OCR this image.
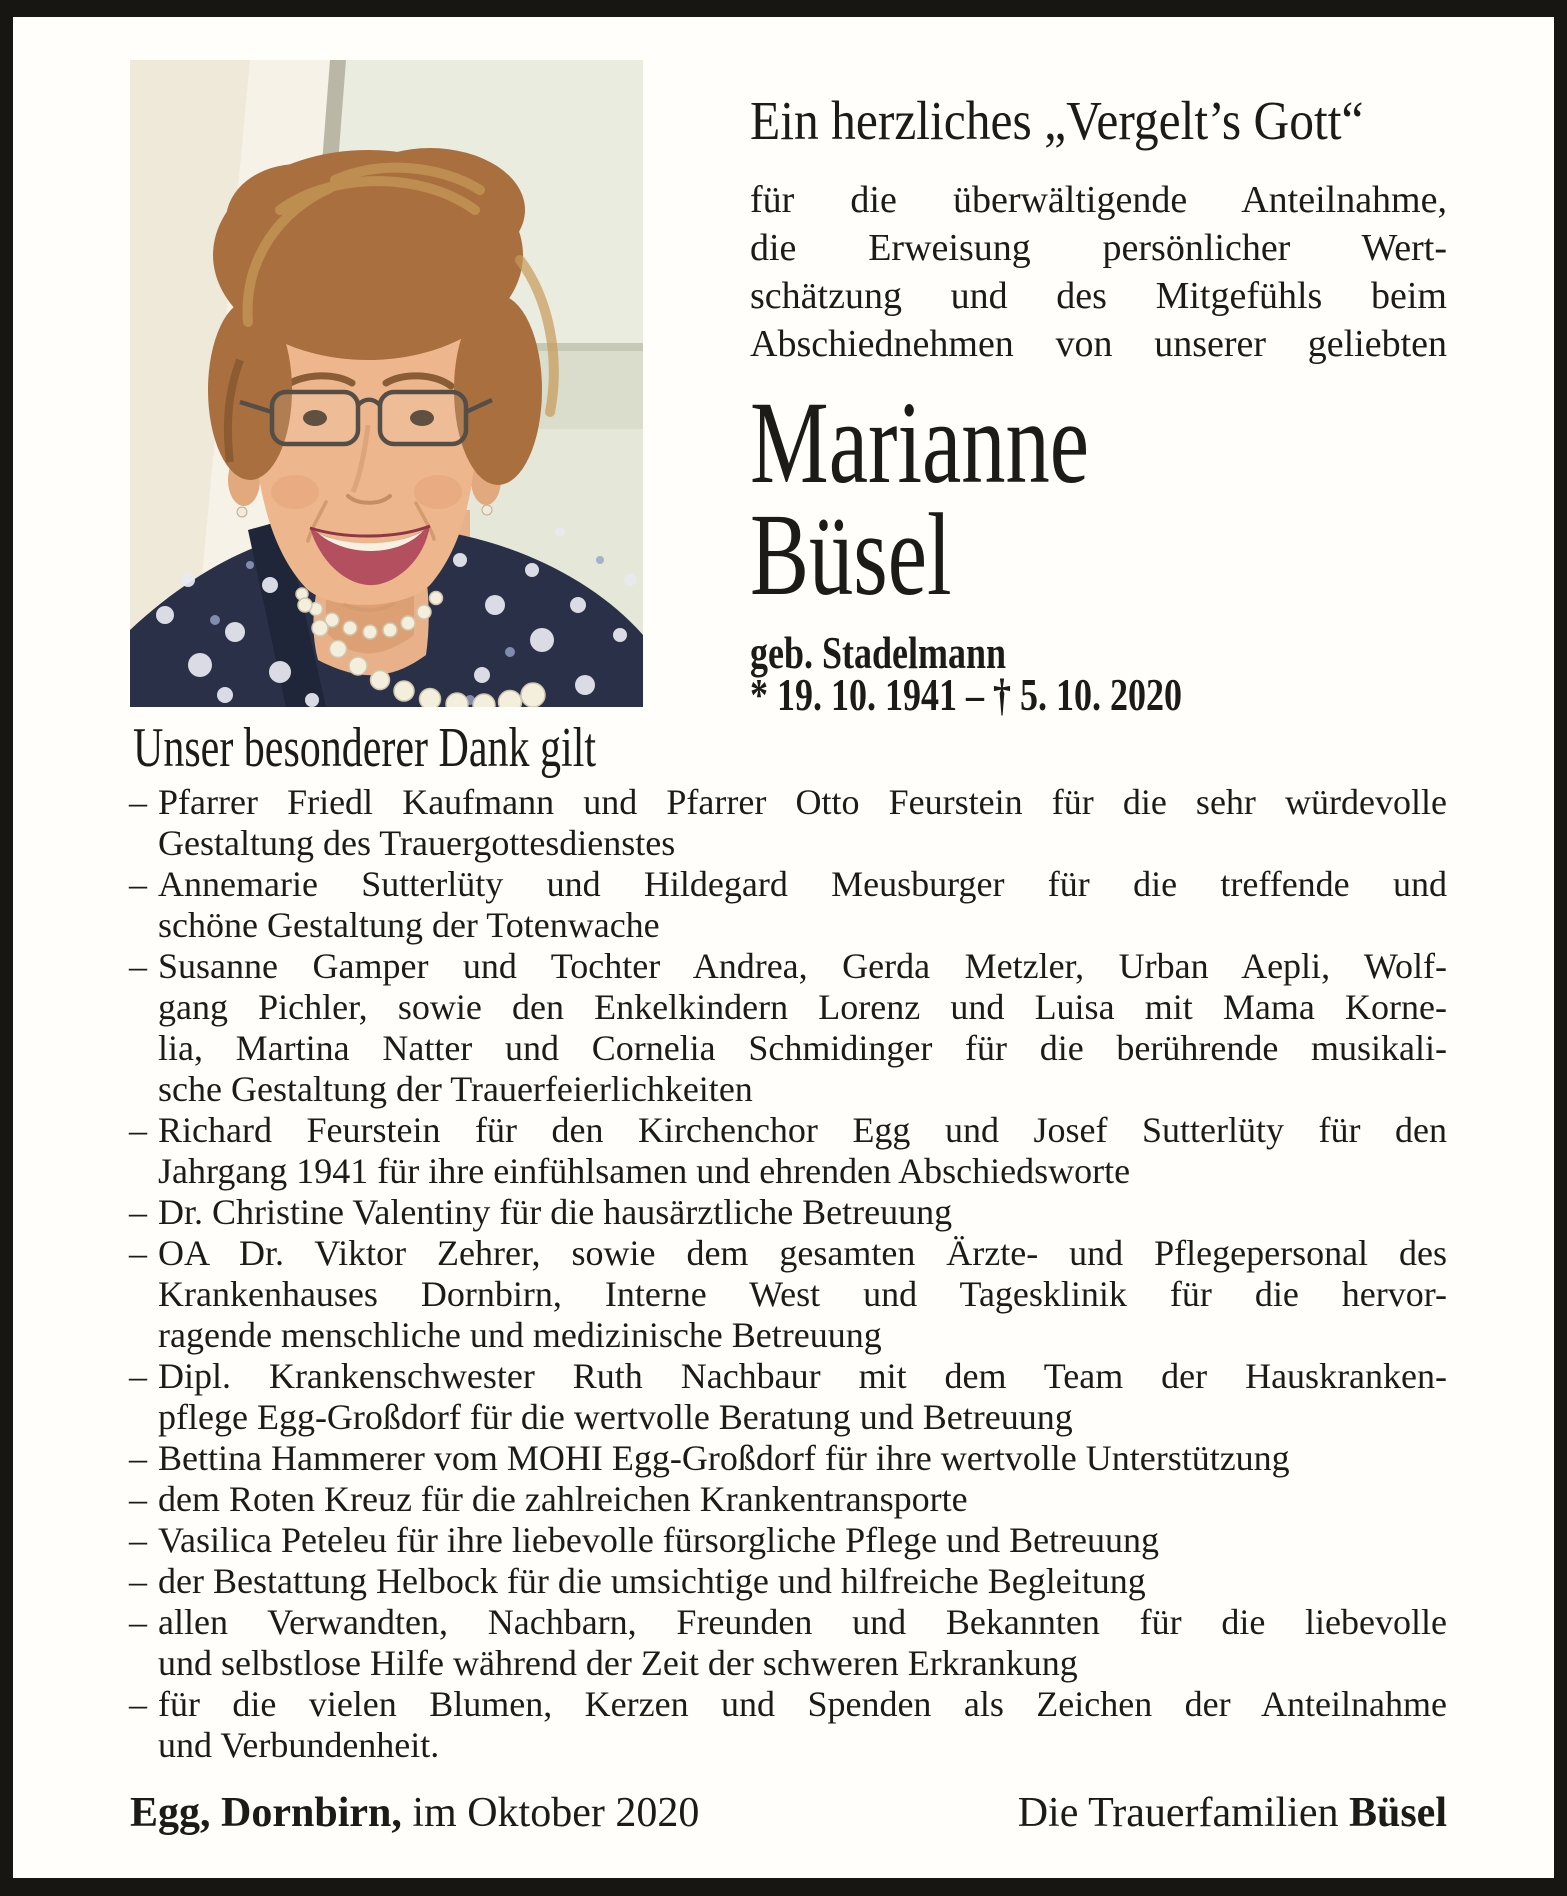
Ein herzliches „Vergelt’s Gott“
für die überwältigende Anteilnahme,
die Erweisung persönlicher Wert-
schätzung und des Mitgefühls beim
Abschiednehmen von unserer geliebten
Marianne
Büsel
geb. Stadelmann
* 19. 10. 1941 – † 5. 10. 2020
Unser besonderer Dank gilt
– Pfarrer Friedl Kaufmann und Pfarrer Otto Feurstein für die sehr würdevolle
Gestaltung des Trauergottesdienstes
– Annemarie Sutterlüty und Hildegard Meusburger für die treffende und
schöne Gestaltung der Totenwache
– Susanne Gamper und Tochter Andrea, Gerda Metzler, Urban Aepli, Wolf-
gang Pichler, sowie den Enkelkindern Lorenz und Luisa mit Mama Korne-
lia, Martina Natter und Cornelia Schmidinger für die berührende musikali-
sche Gestaltung der Trauerfeierlichkeiten
– Richard Feurstein für den Kirchenchor Egg und Josef Sutterlüty für den
Jahrgang 1941 für ihre einfühlsamen und ehrenden Abschiedsworte
– Dr. Christine Valentiny für die hausärztliche Betreuung
– OA Dr. Viktor Zehrer, sowie dem gesamten Ärzte- und Pflegepersonal des
Krankenhauses Dornbirn, Interne West und Tagesklinik für die hervor-
ragende menschliche und medizinische Betreuung
– Dipl. Krankenschwester Ruth Nachbaur mit dem Team der Hauskranken-
pflege Egg-Großdorf für die wertvolle Beratung und Betreuung
– Bettina Hammerer vom MOHI Egg-Großdorf für ihre wertvolle Unterstützung
– dem Roten Kreuz für die zahlreichen Krankentransporte
– Vasilica Peteleu für ihre liebevolle fürsorgliche Pflege und Betreuung
– der Bestattung Helbock für die umsichtige und hilfreiche Begleitung
– allen Verwandten, Nachbarn, Freunden und Bekannten für die liebevolle
und selbstlose Hilfe während der Zeit der schweren Erkrankung
– für die vielen Blumen, Kerzen und Spenden als Zeichen der Anteilnahme
und Verbundenheit.
Egg, Dornbirn, im Oktober 2020	Die Trauerfamilien Büsel
